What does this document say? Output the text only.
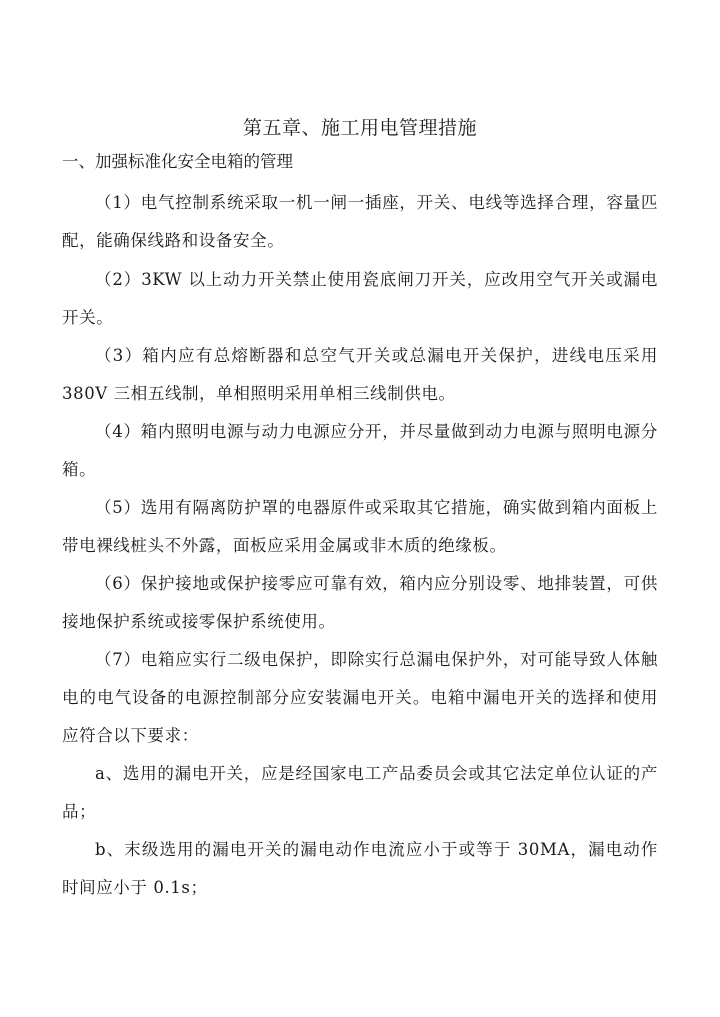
第五章、施工用电管理措施
一、加强标准化安全电箱的管理

（1）电气控制系统采取一机一闸一插座，开关、电线等选择合理，容量匹配，能确保线路和设备安全。

（2）3KW 以上动力开关禁止使用瓷底闸刀开关，应改用空气开关或漏电开关。

（3）箱内应有总熔断器和总空气开关或总漏电开关保护，进线电压采用380V 三相五线制，单相照明采用单相三线制供电。

（4）箱内照明电源与动力电源应分开，并尽量做到动力电源与照明电源分箱。

（5）选用有隔离防护罩的电器原件或采取其它措施，确实做到箱内面板上带电裸线桩头不外露，面板应采用金属或非木质的绝缘板。

（6）保护接地或保护接零应可靠有效，箱内应分别设零、地排装置，可供接地保护系统或接零保护系统使用。

（7）电箱应实行二级电保护，即除实行总漏电保护外，对可能导致人体触电的电气设备的电源控制部分应安装漏电开关。电箱中漏电开关的选择和使用应符合以下要求：

a、选用的漏电开关，应是经国家电工产品委员会或其它法定单位认证的产品；

b、末级选用的漏电开关的漏电动作电流应小于或等于 30MA，漏电动作时间应小于 0.1s；
